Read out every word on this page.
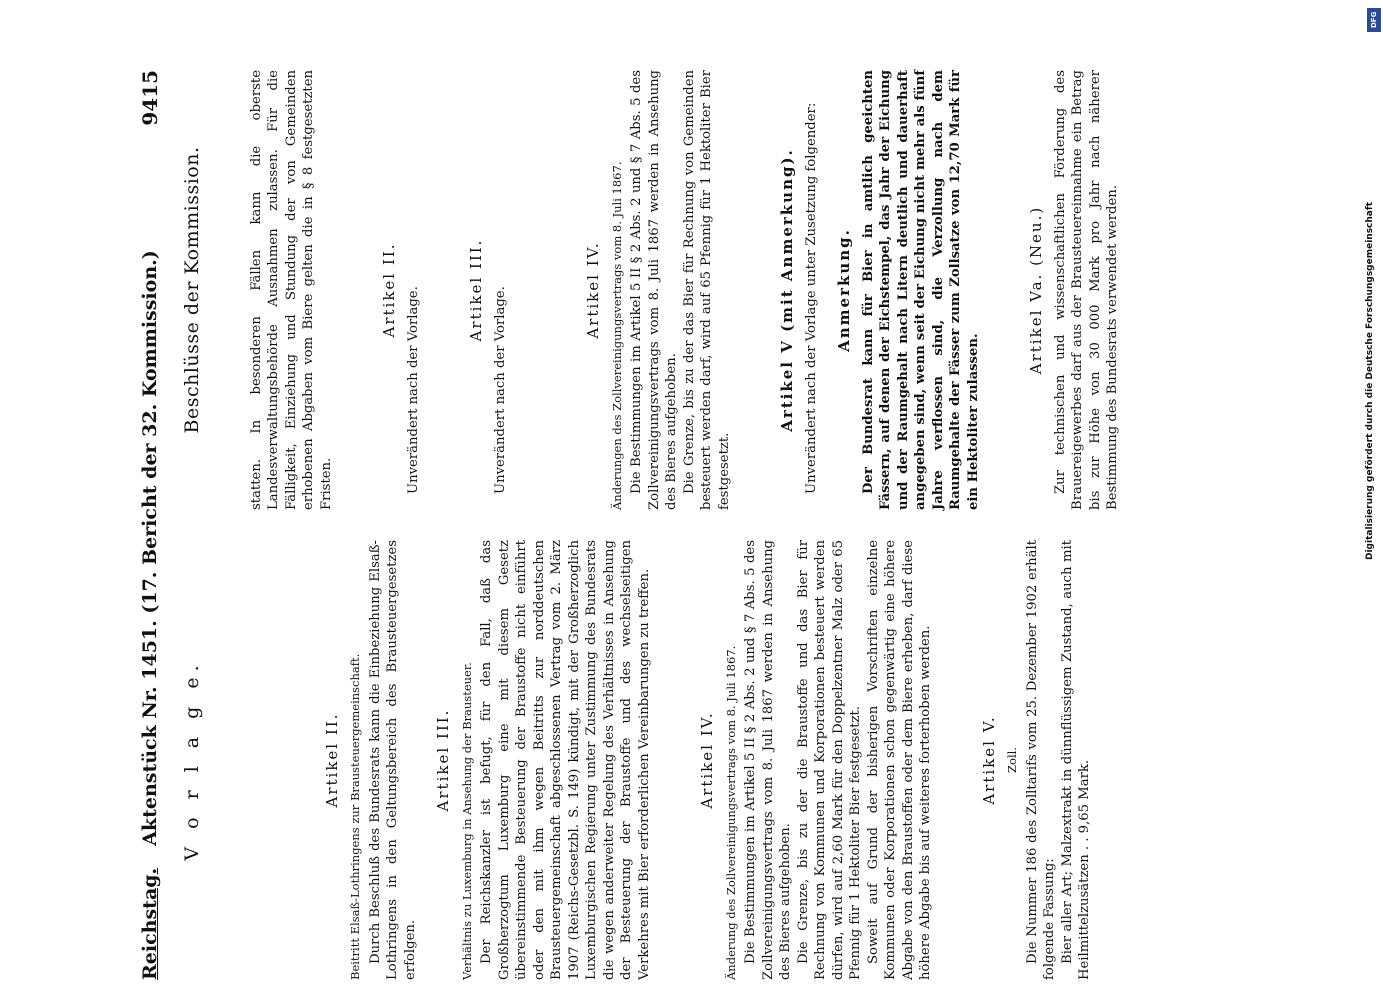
Reichstag.
Aktenstück Nr. 1451. (17. Bericht der 32. Kommission.)
9415
V o r l a g e.	Artikel II. Beitritt Elsaß-Lothringens zur Brausteuergemeinschaft. Durch Beschluß des Bundesrats kann die Einbeziehung Elsaß-Lothringens in den Geltungsbereich des Brausteuergesetzes erfolgen.

Artikel III. Verhältnis zu Luxemburg in Ansehung der Brausteuer. Der Reichskanzler ist befugt, für den Fall, daß das Großherzogtum Luxemburg eine mit diesem Gesetz übereinstimmende Besteuerung der Braustoffe nicht einführt oder den mit ihm wegen Beitritts zur norddeutschen Brausteuergemeinschaft abgeschlossenen Vertrag vom 2. März 1907 (Reichs-Gesetzbl. S. 149) kündigt, mit der Großherzoglich Luxemburgischen Regierung unter Zustimmung des Bundesrats die wegen anderweiter Regelung des Verhältnisses in Ansehung der Besteuerung der Braustoffe und des wechselseitigen Verkehres mit Bier erforderlichen Vereinbarungen zu treffen.	Artikel IV. Änderung des Zollvereinigungsvertrags vom 8. Juli 1867. Die Bestimmungen im Artikel 5 II § 2 Abs. 2 und § 7 Abs. 5 des Zollvereinigungsvertrags vom 8. Juli 1867 werden in Ansehung des Bieres aufgehoben. Die Grenze, bis zu der die Braustoffe und das Bier für Rechnung von Kommunen und Korporationen besteuert werden dürfen, wird auf 2,60 Mark für den Doppelzentner Malz oder 65 Pfennig für 1 Hektoliter Bier festgesetzt. Soweit auf Grund der bisherigen Vorschriften einzelne Kommunen oder Korporationen schon gegenwärtig eine höhere Abgabe von den Braustoffen oder dem Biere erheben, darf diese höhere Abgabe bis auf weiteres forterhoben werden.	Artikel V. Zoll. Die Nummer 186 des Zolltarifs vom 25. Dezember 1902 erhält folgende Fassung: Bier aller Art; Malzextrakt in dünnflüssigem Zustand, auch mit Heilmittelzusätzen . . 9,65 Mark.

Beschlüsse der Kommission.	statten. In besonderen Fällen kann die oberste Landesverwaltungsbehörde Ausnahmen zulassen. Für die Fälligkeit, Einziehung und Stundung der von Gemeinden erhobenen Abgaben vom Biere gelten die in § 8 festgesetzten Fristen.

Artikel II. Unverändert nach der Vorlage.	Artikel III. Unverändert nach der Vorlage.	Artikel IV. Änderungen des Zollvereinigungsvertrags vom 8. Juli 1867. Die Bestimmungen im Artikel 5 II § 2 Abs. 2 und § 7 Abs. 5 des Zollvereinigungsvertrags vom 8. Juli 1867 werden in Ansehung des Bieres aufgehoben. Die Grenze, bis zu der das Bier für Rechnung von Gemeinden besteuert werden darf, wird auf 65 Pfennig für 1 Hektoliter Bier festgesetzt.

Artikel V (mit Anmerkung). Unverändert nach der Vorlage unter Zusetzung folgender: Anmerkung. Der Bundesrat kann für Bier in amtlich geeichten Fässern, auf denen der Eichstempel, das Jahr der Eichung und der Raumgehalt nach Litern deutlich und dauerhaft angegeben sind, wenn seit der Eichung nicht mehr als fünf Jahre verflossen sind, die Verzollung nach dem Raumgehalte der Fässer zum Zollsatze von 12,70 Mark für ein Hektoliter zulassen.

Artikel Va. (Neu.) Zur technischen und wissenschaftlichen Förderung des Brauereigewerbes darf aus der Brausteuereinnahme ein Betrag bis zur Höhe von 30 000 Mark pro Jahr nach näherer Bestimmung des Bundesrats verwendet werden.

DFG
Digitalisierung gefördert durch die Deutsche Forschungsgemeinschaft
